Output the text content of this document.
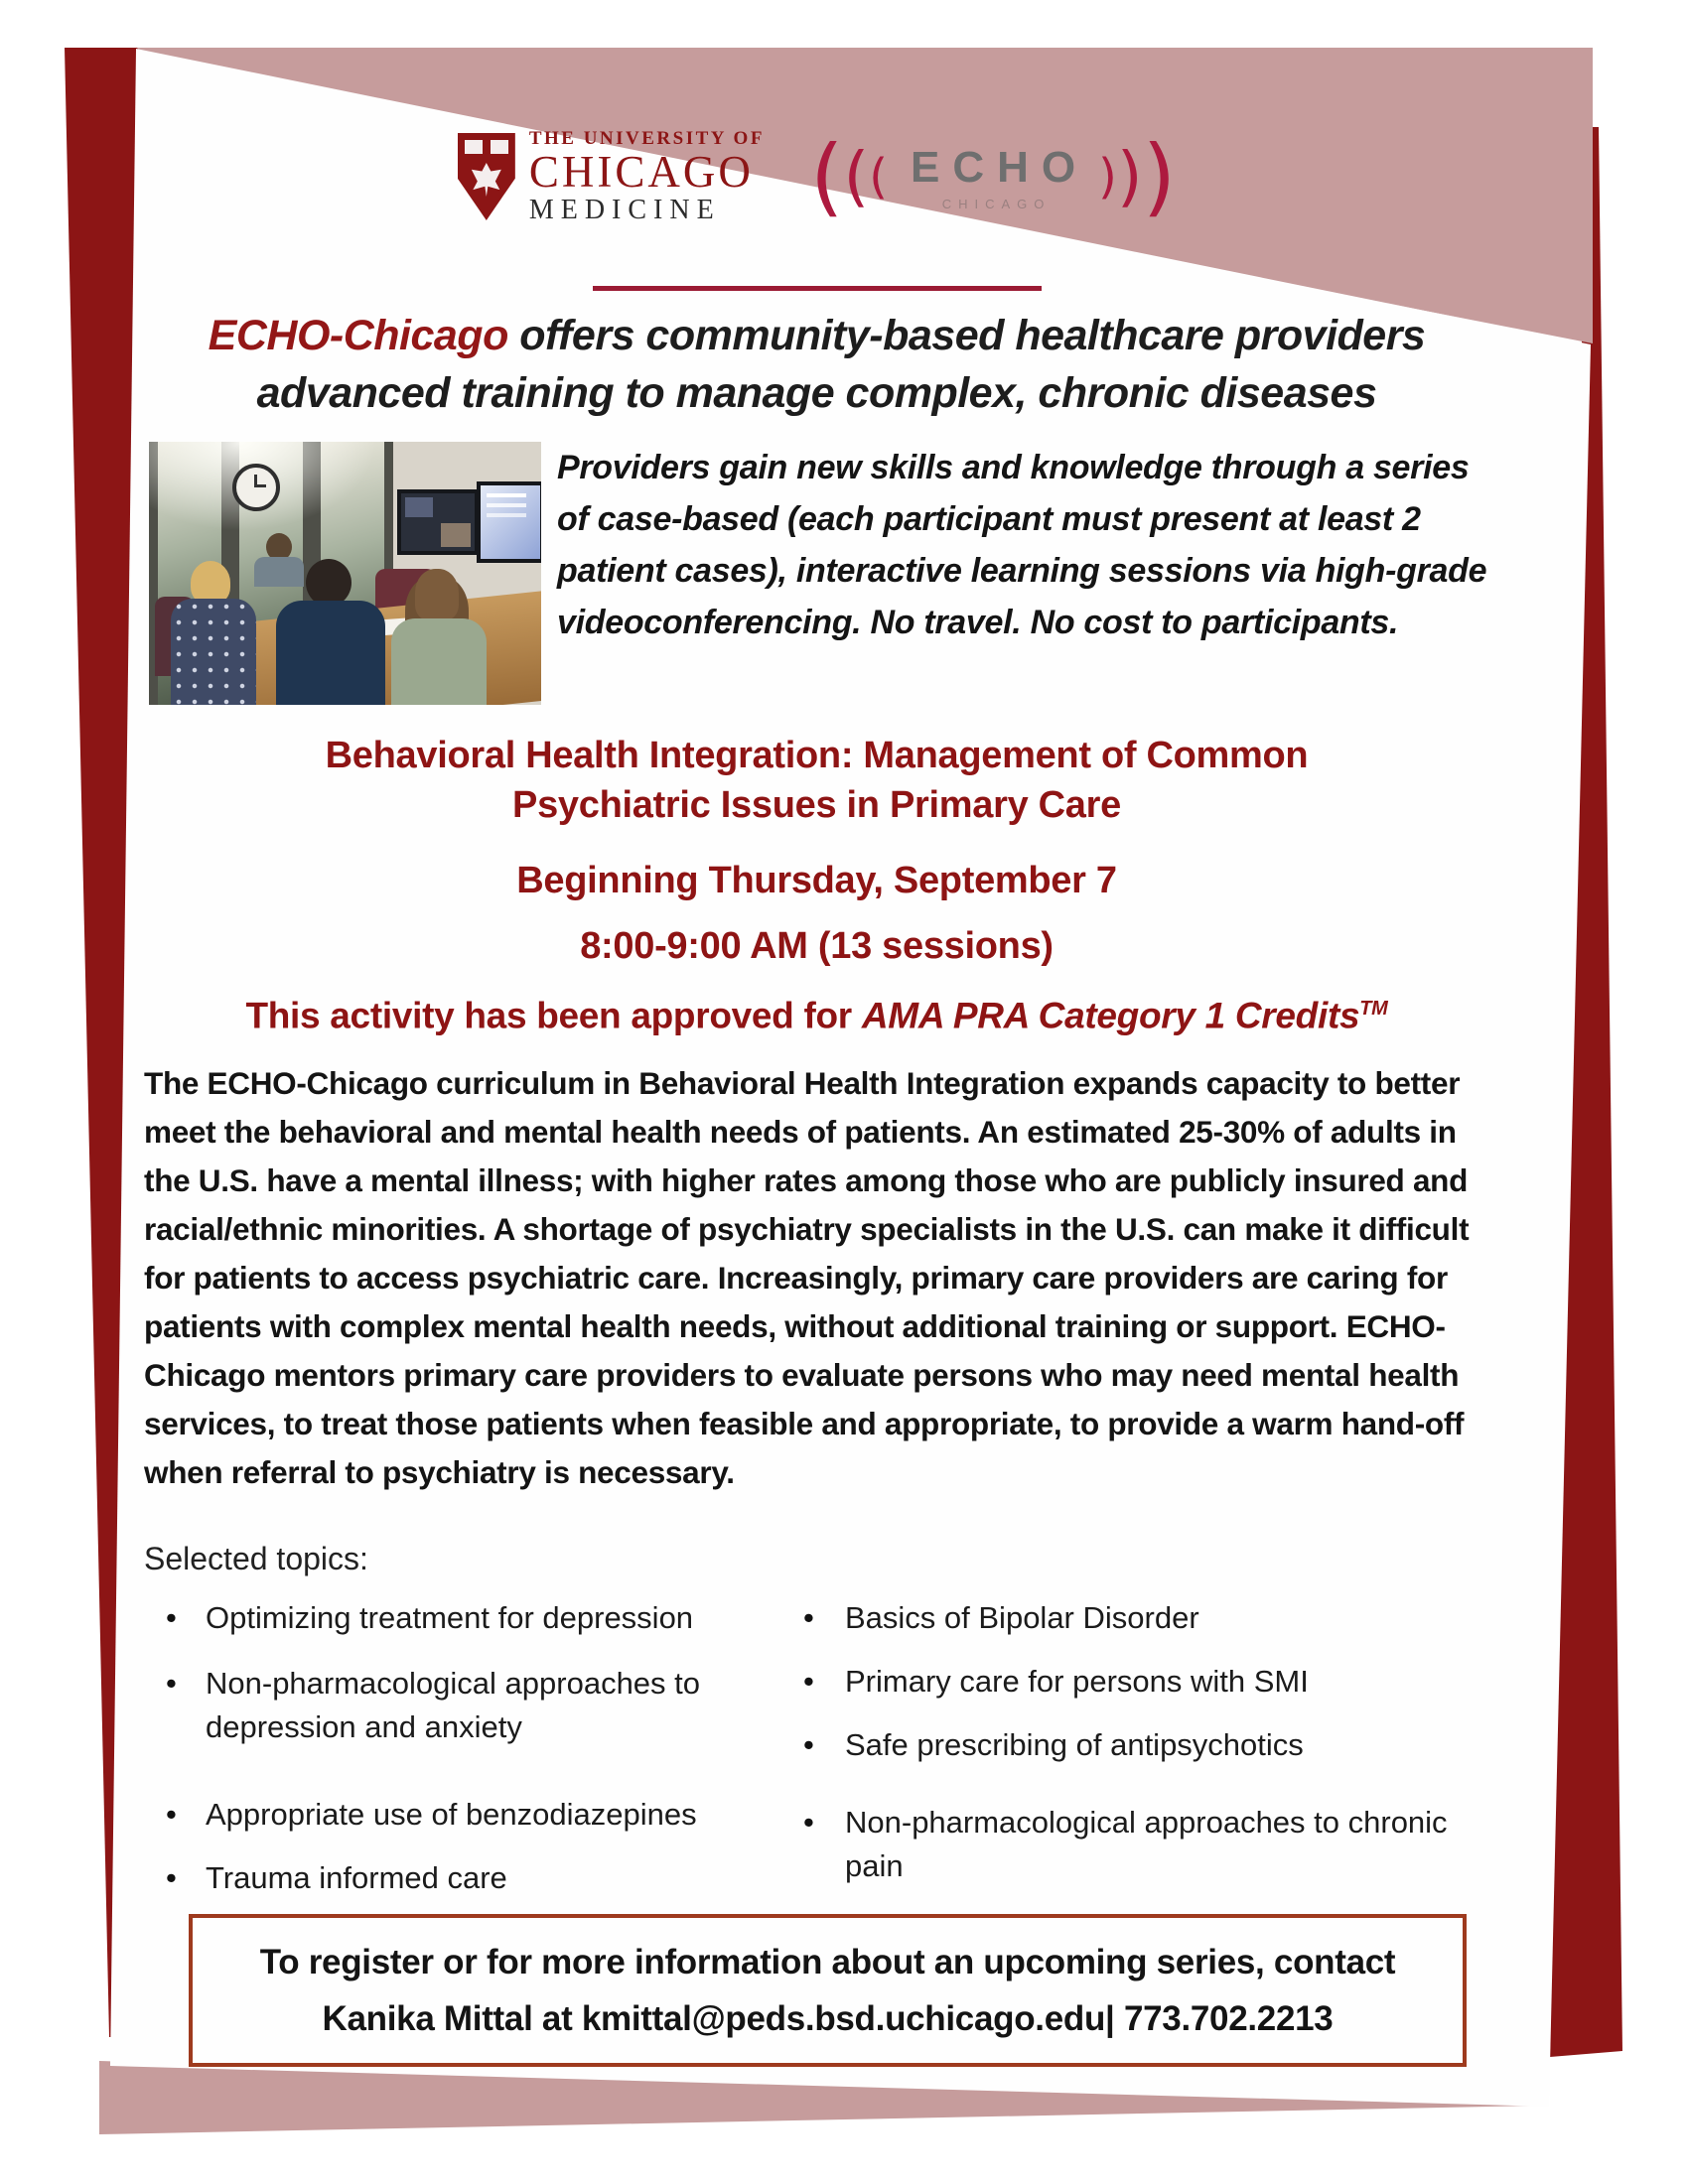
THE UNIVERSITY OF
CHICAGO
MEDICINE	( ( ( ECHO
CHICAGO ) ) )
ECHO-Chicago offers community-based healthcare providers
advanced training to manage complex, chronic diseases
Providers gain new skills and knowledge through a series of case-based (each participant must present at least 2 patient cases), interactive learning sessions via high-grade videoconferencing. No travel. No cost to participants.
Behavioral Health Integration: Management of Common
Psychiatric Issues in Primary Care
Beginning Thursday, September 7
8:00-9:00 AM (13 sessions)
This activity has been approved for AMA PRA Category 1 Credits™
The ECHO-Chicago curriculum in Behavioral Health Integration expands capacity to better meet the behavioral and mental health needs of patients. An estimated 25-30% of adults in the U.S. have a mental illness; with higher rates among those who are publicly insured and racial/ethnic minorities. A shortage of psychiatry specialists in the U.S. can make it difficult for patients to access psychiatric care. Increasingly, primary care providers are caring for patients with complex mental health needs, without additional training or support. ECHO-Chicago mentors primary care providers to evaluate persons who may need mental health services, to treat those patients when feasible and appropriate, to provide a warm hand-off when referral to psychiatry is necessary.
Selected topics:
• Optimizing treatment for depression
• Non-pharmacological approaches to depression and anxiety
• Appropriate use of benzodiazepines
• Trauma informed care
• Basics of Bipolar Disorder
• Primary care for persons with SMI
• Safe prescribing of antipsychotics
• Non-pharmacological approaches to chronic pain
To register or for more information about an upcoming series, contact
Kanika Mittal at kmittal@peds.bsd.uchicago.edu| 773.702.2213
